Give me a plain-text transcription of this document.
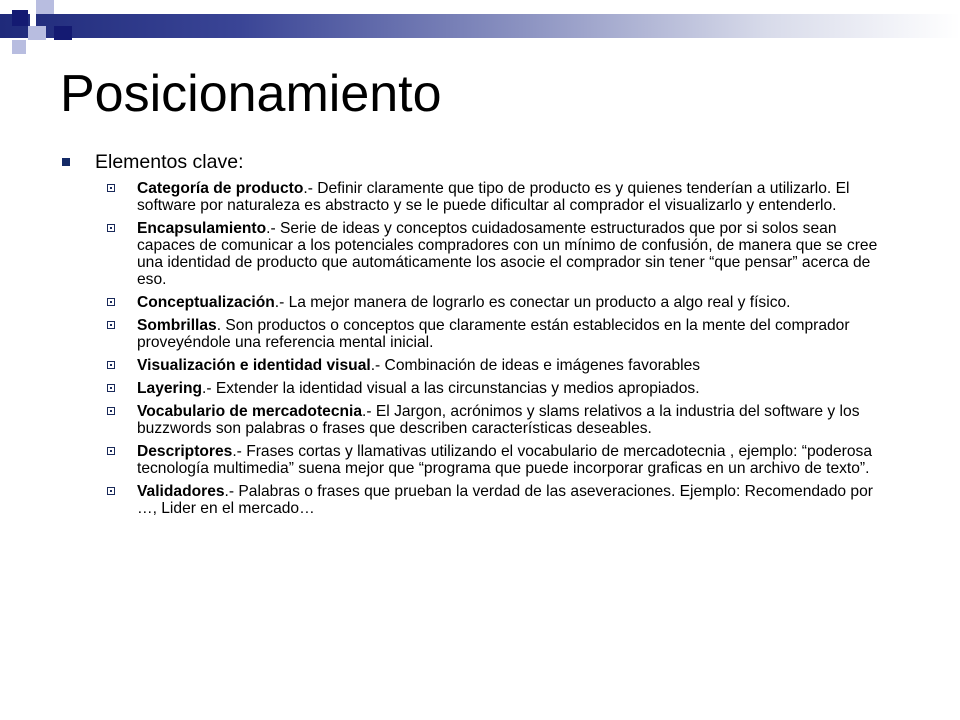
Posicionamiento
Elementos clave:
Categoría de producto.- Definir claramente que tipo de producto es y quienes tenderían a utilizarlo. El software por naturaleza es abstracto y se le puede dificultar al comprador el visualizarlo y entenderlo.
Encapsulamiento.- Serie de ideas y conceptos cuidadosamente estructurados que por si solos sean capaces de comunicar a los potenciales compradores con un mínimo de confusión, de manera que se cree una identidad de producto que automáticamente los asocie el comprador sin tener “que pensar” acerca de eso.
Conceptualización.- La mejor manera de lograrlo es conectar un producto a algo real y físico.
Sombrillas. Son productos o conceptos que claramente están establecidos en la mente del comprador proveyéndole una referencia mental inicial.
Visualización e identidad visual.- Combinación de ideas e imágenes favorables
Layering.- Extender la identidad visual a las circunstancias y medios apropiados.
Vocabulario de mercadotecnia.- El Jargon, acrónimos y slams relativos a la industria del software y los buzzwords son palabras o frases que describen características deseables.
Descriptores.- Frases cortas y llamativas utilizando el vocabulario de mercadotecnia , ejemplo: “poderosa tecnología multimedia” suena mejor que “programa que puede incorporar graficas en un archivo de texto”.
Validadores.- Palabras o frases que prueban la verdad de las aseveraciones. Ejemplo: Recomendado por …, Lider en el mercado…
